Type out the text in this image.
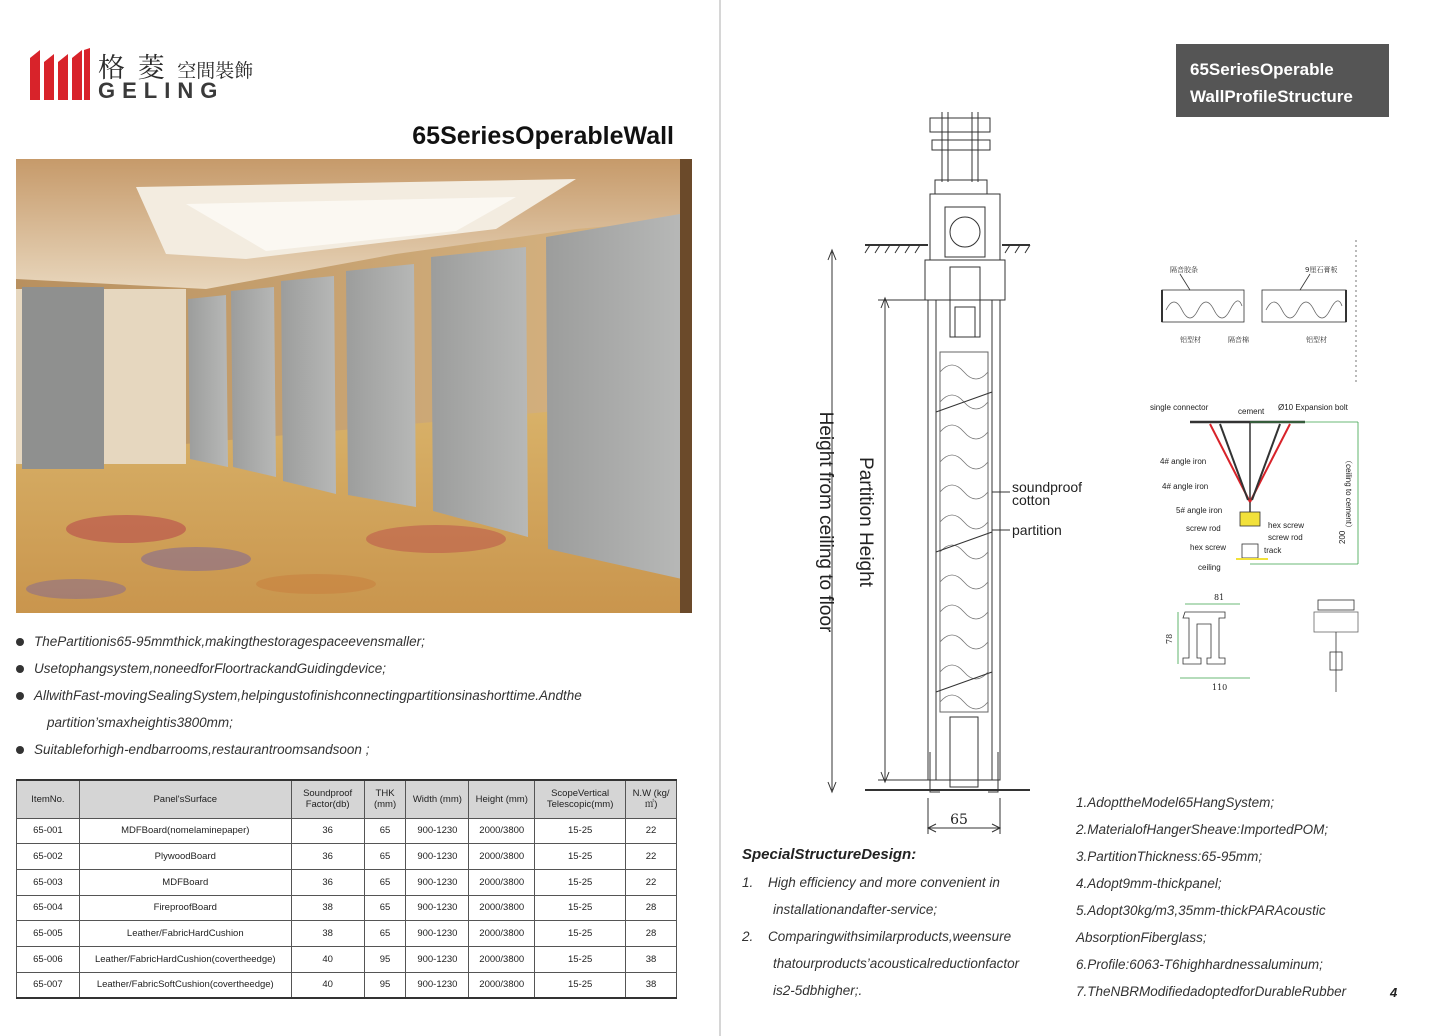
格 菱 空間裝飾
GELING
65SeriesOperableWall
ThePartitionis65-95mmthick,makingthestoragespaceevensmaller;
Usetophangsystem,noneedforFloortrackandGuidingdevice;
AllwithFast-movingSealingSystem,helpingustofinishconnectingpartitionsinashorttime.Andthe
partition’smaxheightis3800mm;
Suitableforhigh-endbarrooms,restaurantroomsandsoon ;
ItemNo.	Panel'sSurface	Soundproof Factor(db)	THK (mm)	Width (mm)	Height (mm)	ScopeVertical Telescopic(mm)	N.W (kg/㎡)
65-001	MDFBoard(nomelaminepaper)	36	65	900-1230	2000/3800	15-25	22
65-002	PlywoodBoard	36	65	900-1230	2000/3800	15-25	22
65-003	MDFBoard	36	65	900-1230	2000/3800	15-25	22
65-004	FireproofBoard	38	65	900-1230	2000/3800	15-25	28
65-005	Leather/FabricHardCushion	38	65	900-1230	2000/3800	15-25	28
65-006	Leather/FabricHardCushion(covertheedge)	40	95	900-1230	2000/3800	15-25	38
65-007	Leather/FabricSoftCushion(covertheedge)	40	95	900-1230	2000/3800	15-25	38
65SeriesOperable
WallProfileStructure
Height from ceiling to floor Partition Height	soundproof
cotton
partition
65
隔音胶条	9厘石膏板
铝型材	隔音棉	铝型材
single connector	cement Ø10 Expansion bolt
4# angle iron
4# angle iron
5# angle iron
screw rod	hex screw
screw rod
hex screw	track
ceiling
200
（ceiling to cement）
81
78
110
SpecialStructureDesign:
1. High efficiency and more convenient in
installationandafter-service;
2. Comparingwithsimilarproducts,weensure
thatourproducts’acousticalreductionfactor
is2-5dbhigher;.
1.AdopttheModel65HangSystem;
2.MaterialofHangerSheave:ImportedPOM;
3.PartitionThickness:65-95mm;
4.Adopt9mm-thickpanel;
5.Adopt30kg/m3,35mm-thickPARAcoustic
AbsorptionFiberglass;
6.Profile:6063-T6highhardnessaluminum;
7.TheNBRModifiedadoptedforDurableRubber	4
